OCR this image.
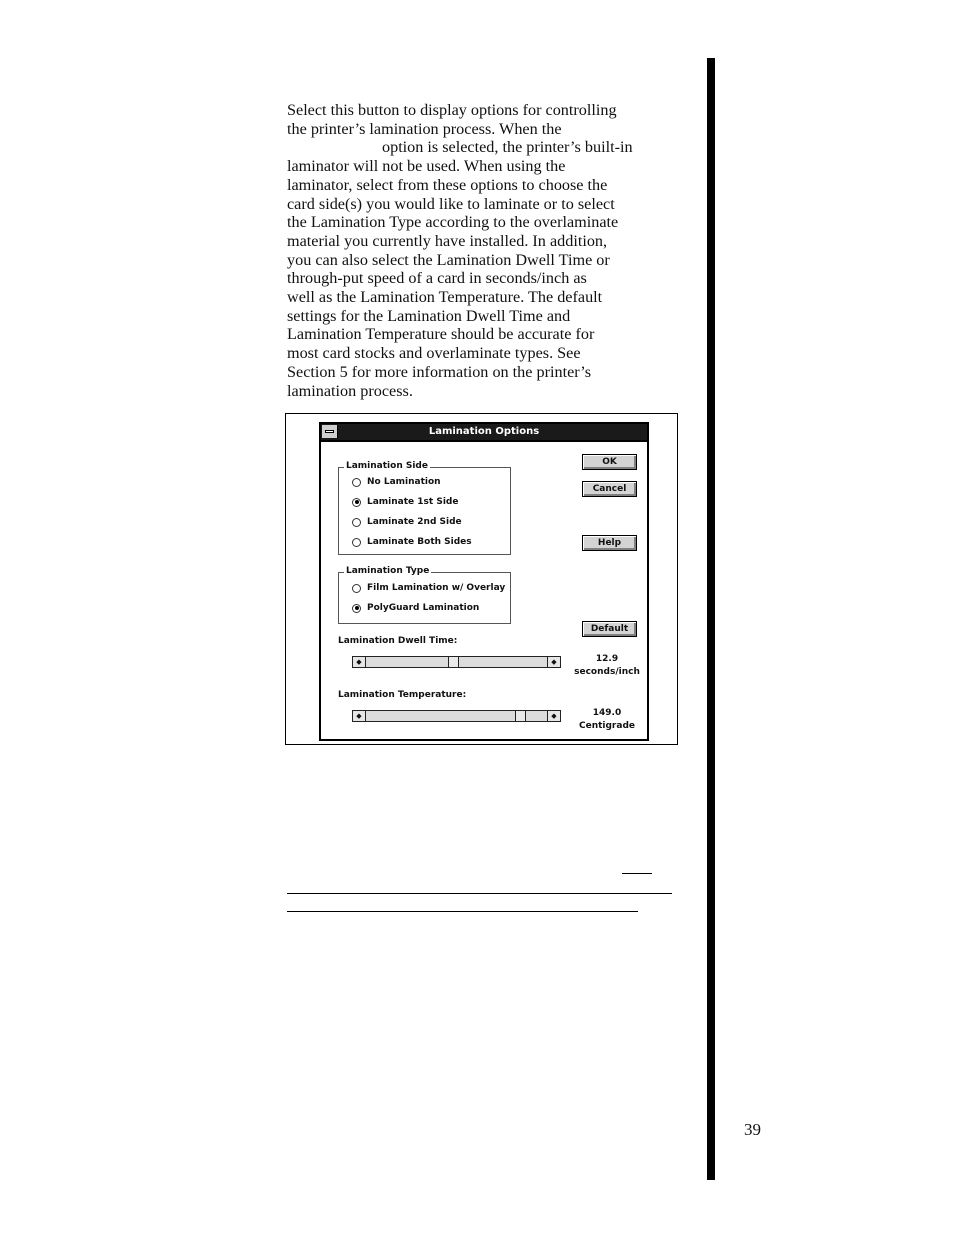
Select this button to display options for controlling
the printer’s lamination process. When the
option is selected, the printer’s built-in
laminator will not be used. When using the
laminator, select from these options to choose the
card side(s) you would like to laminate or to select
the Lamination Type according to the overlaminate
material you currently have installed. In addition,
you can also select the Lamination Dwell Time or
through-put speed of a card in seconds/inch as
well as the Lamination Temperature. The default
settings for the Lamination Dwell Time and
Lamination Temperature should be accurate for
most card stocks and overlaminate types. See
Section 5 for more information on the printer’s
lamination process.
Lamination Options
Lamination Side
No Lamination
Laminate 1st Side
Laminate 2nd Side
Laminate Both Sides
Lamination Type
Film Lamination w/ Overlay
PolyGuard Lamination
OK
Cancel
Help
Default
Lamination Dwell Time:
◆	◆	12.9
seconds/inch
Lamination Temperature:
◆	◆	149.0
Centigrade
39
